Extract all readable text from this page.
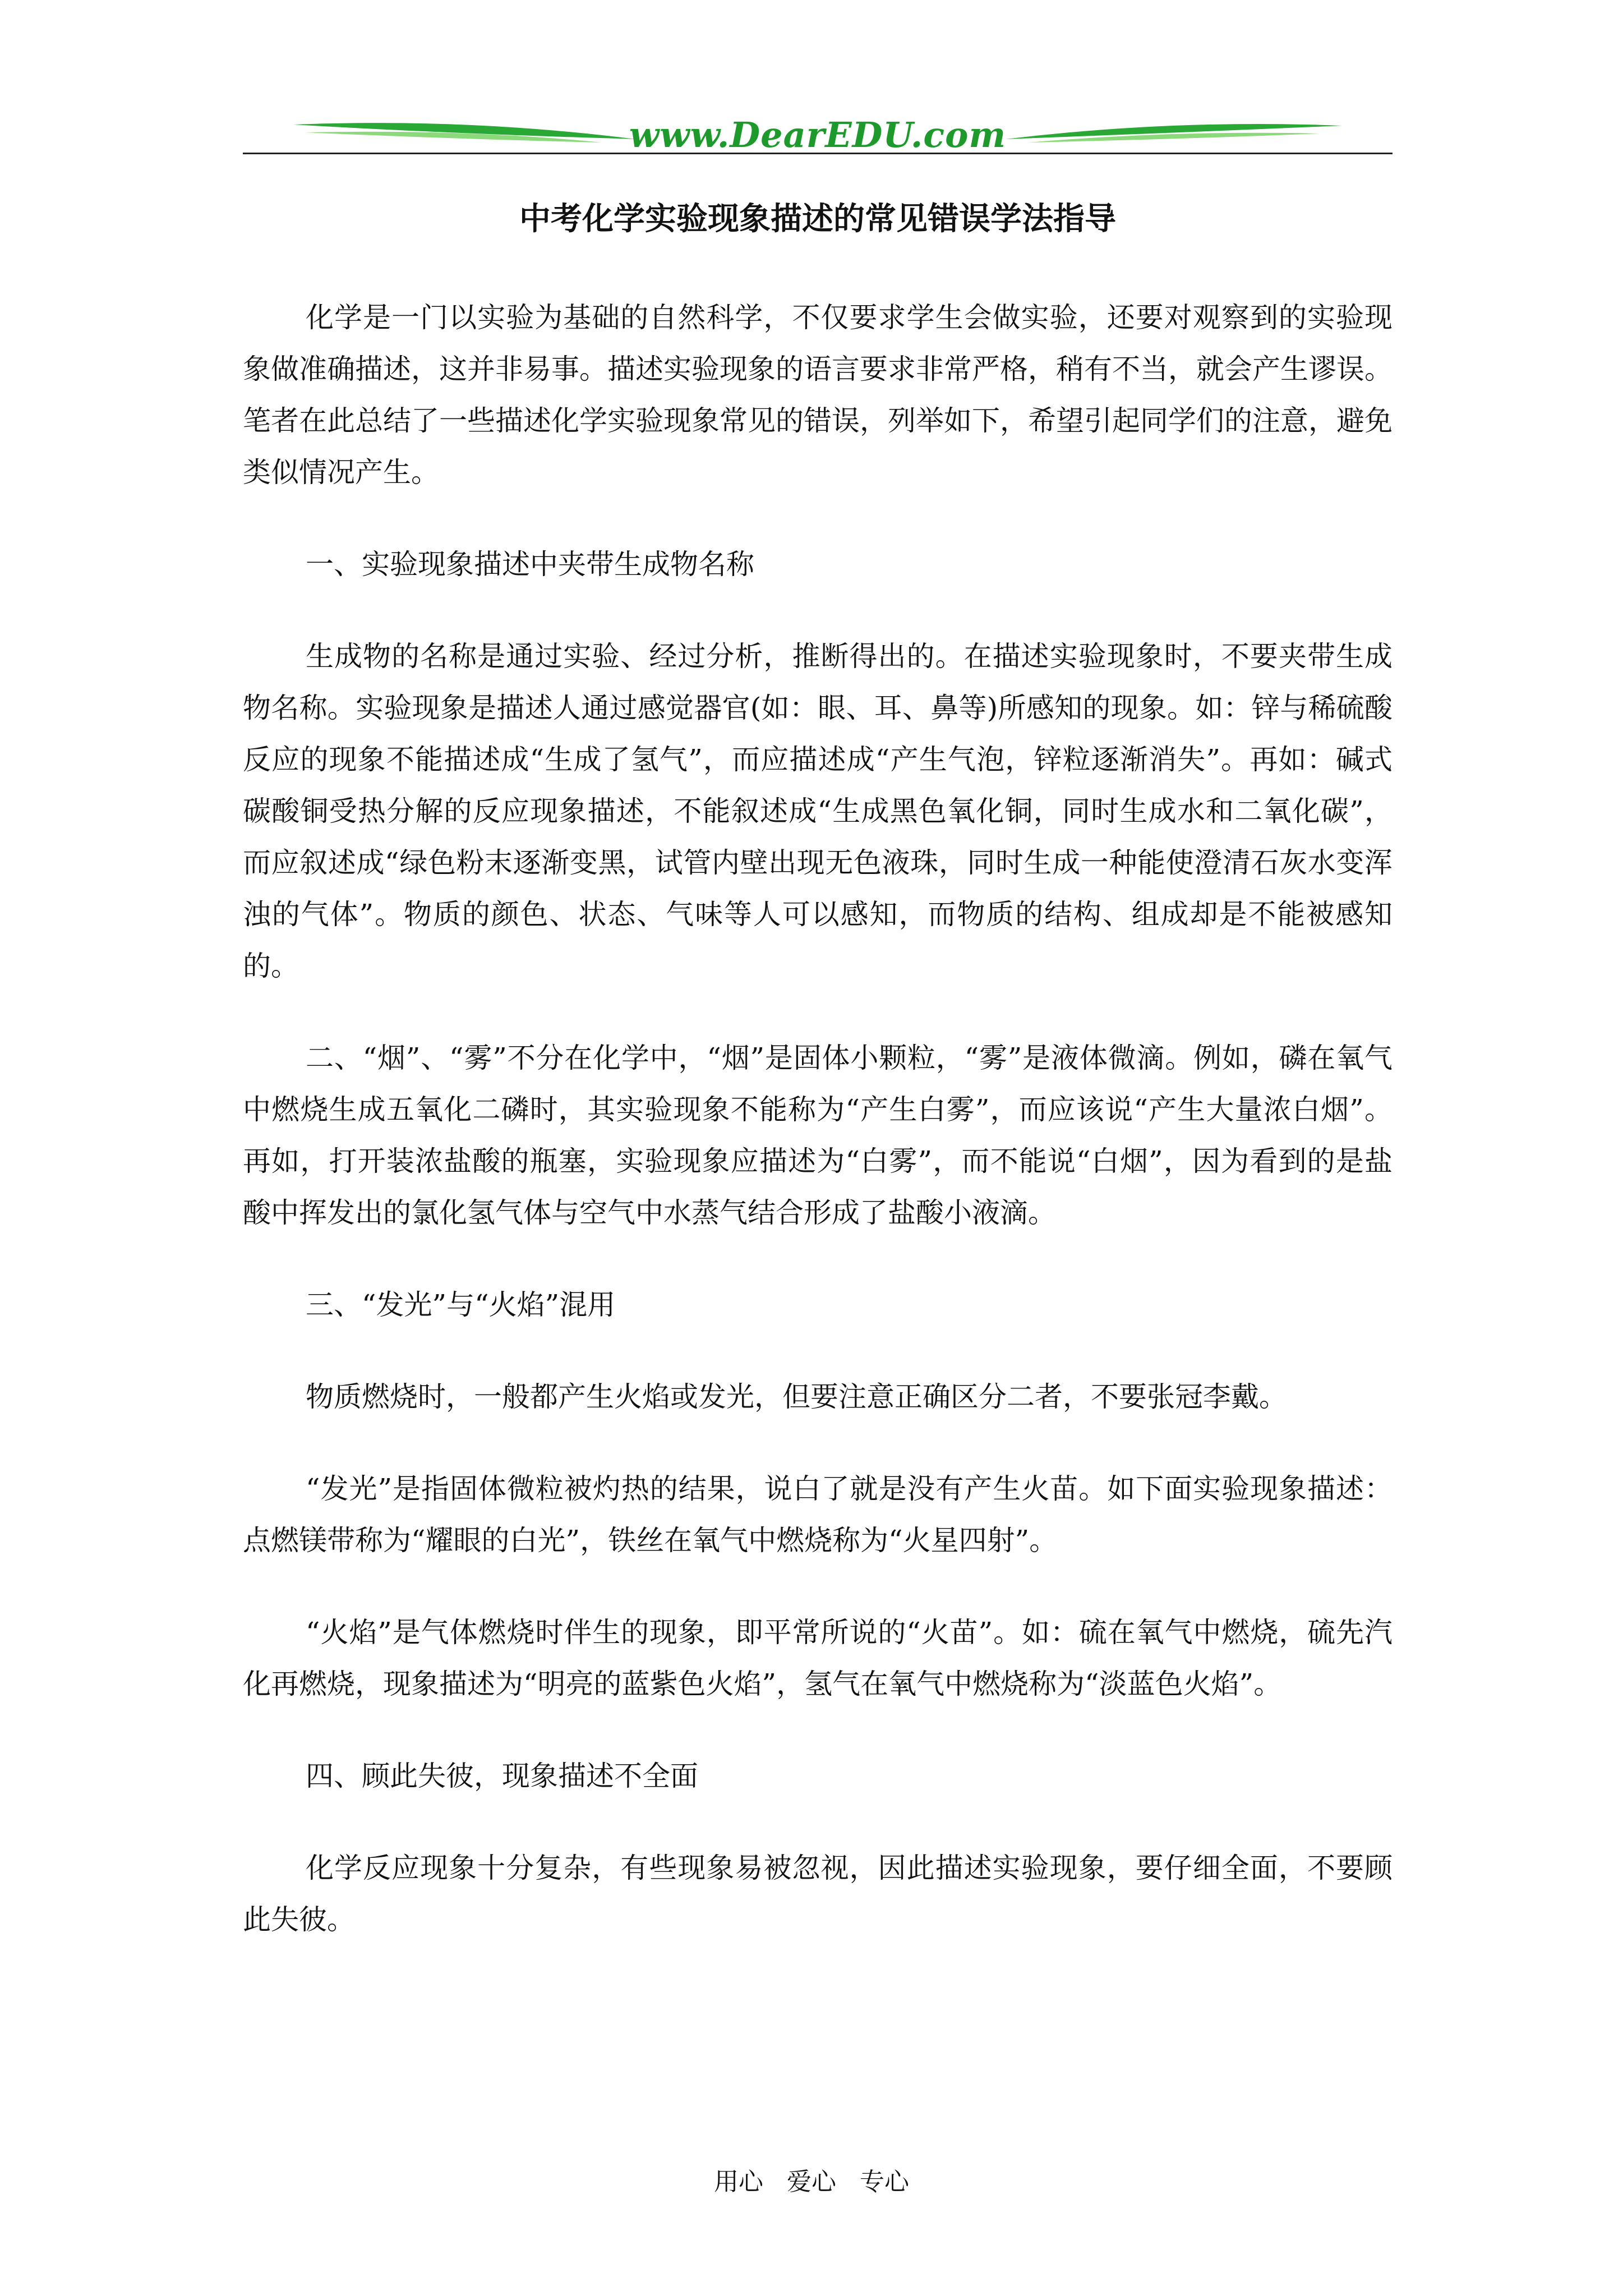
www.DearEDU.com
中考化学实验现象描述的常见错误学法指导

化学是一门以实验为基础的自然科学，不仅要求学生会做实验，还要对观察到的实验现象做准确描述，这并非易事。描述实验现象的语言要求非常严格，稍有不当，就会产生谬误。笔者在此总结了一些描述化学实验现象常见的错误，列举如下，希望引起同学们的注意，避免类似情况产生。

一、实验现象描述中夹带生成物名称

生成物的名称是通过实验、经过分析，推断得出的。在描述实验现象时，不要夹带生成物名称。实验现象是描述人通过感觉器官(如：眼、耳、鼻等)所感知的现象。如：锌与稀硫酸反应的现象不能描述成“生成了氢气”，而应描述成“产生气泡，锌粒逐渐消失”。再如：碱式碳酸铜受热分解的反应现象描述，不能叙述成“生成黑色氧化铜，同时生成水和二氧化碳”，而应叙述成“绿色粉末逐渐变黑，试管内壁出现无色液珠，同时生成一种能使澄清石灰水变浑浊的气体”。物质的颜色、状态、气味等人可以感知，而物质的结构、组成却是不能被感知的。

二、“烟”、“雾”不分在化学中，“烟”是固体小颗粒，“雾”是液体微滴。例如，磷在氧气中燃烧生成五氧化二磷时，其实验现象不能称为“产生白雾”，而应该说“产生大量浓白烟”。再如，打开装浓盐酸的瓶塞，实验现象应描述为“白雾”，而不能说“白烟”，因为看到的是盐酸中挥发出的氯化氢气体与空气中水蒸气结合形成了盐酸小液滴。

三、“发光”与“火焰”混用

物质燃烧时，一般都产生火焰或发光，但要注意正确区分二者，不要张冠李戴。

“发光”是指固体微粒被灼热的结果，说白了就是没有产生火苗。如下面实验现象描述：点燃镁带称为“耀眼的白光”，铁丝在氧气中燃烧称为“火星四射”。

“火焰”是气体燃烧时伴生的现象，即平常所说的“火苗”。如：硫在氧气中燃烧，硫先汽化再燃烧，现象描述为“明亮的蓝紫色火焰”，氢气在氧气中燃烧称为“淡蓝色火焰”。

四、顾此失彼，现象描述不全面

化学反应现象十分复杂，有些现象易被忽视，因此描述实验现象，要仔细全面，不要顾此失彼。

用心 爱心 专心
